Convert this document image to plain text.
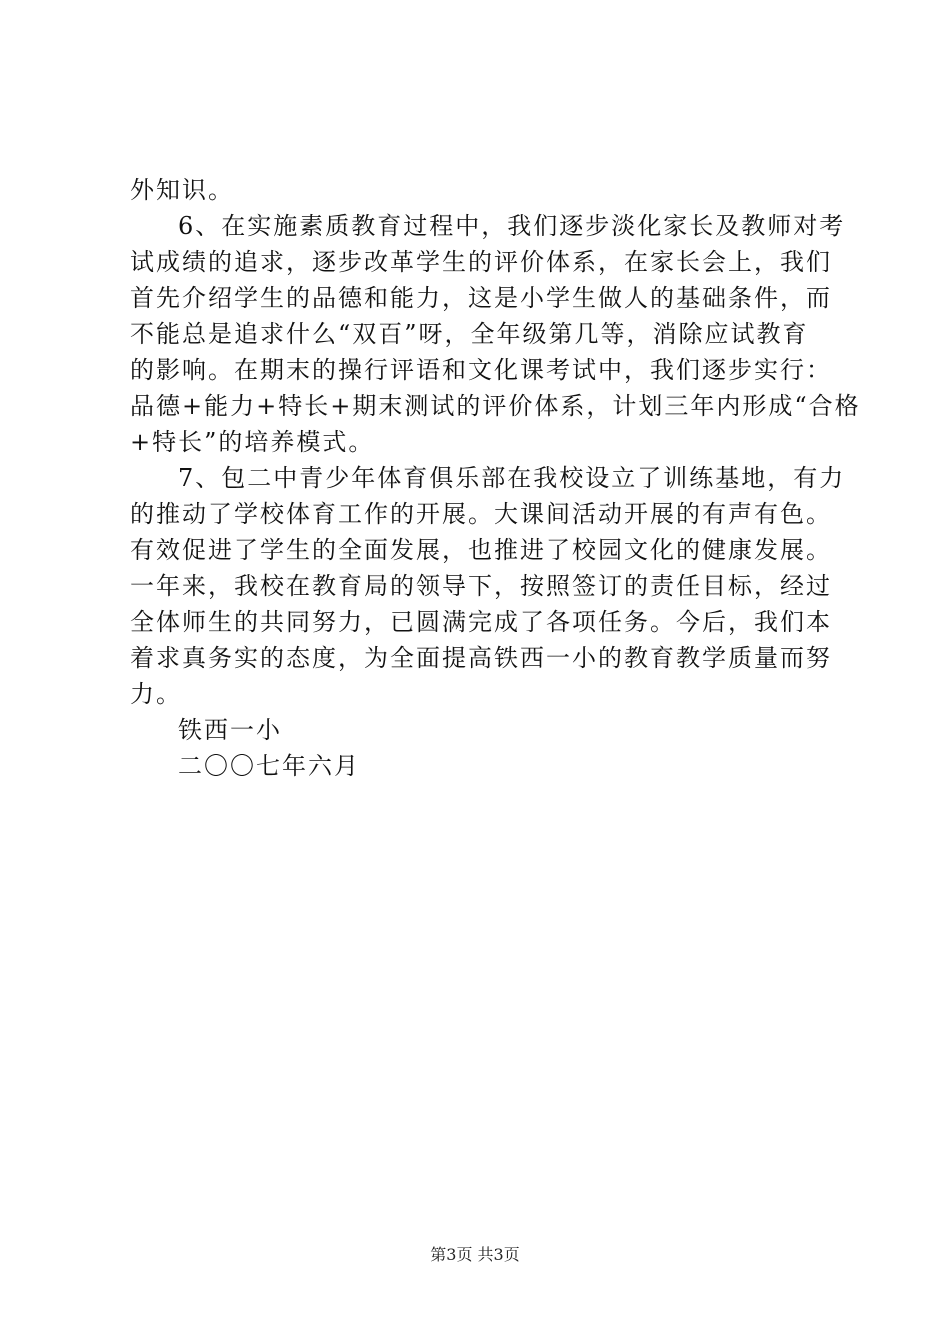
外知识。
6、在实施素质教育过程中，我们逐步淡化家长及教师对考
试成绩的追求，逐步改革学生的评价体系，在家长会上，我们
首先介绍学生的品德和能力，这是小学生做人的基础条件，而
不能总是追求什么“双百”呀，全年级第几等，消除应试教育
的影响。在期末的操行评语和文化课考试中，我们逐步实行：
品德+能力+特长+期末测试的评价体系，计划三年内形成“合格
+特长”的培养模式。
7、包二中青少年体育俱乐部在我校设立了训练基地，有力
的推动了学校体育工作的开展。大课间活动开展的有声有色。
有效促进了学生的全面发展，也推进了校园文化的健康发展。
一年来，我校在教育局的领导下，按照签订的责任目标，经过
全体师生的共同努力，已圆满完成了各项任务。今后，我们本
着求真务实的态度，为全面提高铁西一小的教育教学质量而努
力。
铁西一小
二〇〇七年六月
第3页 共3页
